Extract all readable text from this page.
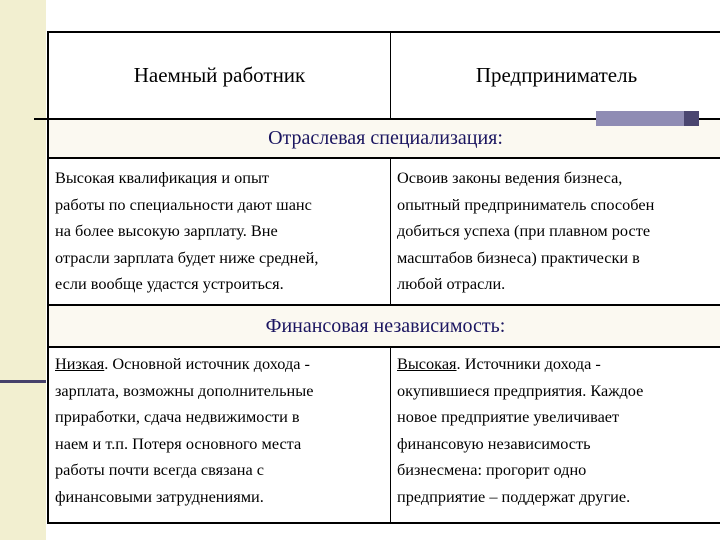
Наемный работник	Предприниматель
Отраслевая специализация:
Высокая квалификация и опыт
работы по специальности дают шанс
на более высокую зарплату. Вне
отрасли зарплата будет ниже средней,
если вообще удастся устроиться.
Освоив законы ведения бизнеса,
опытный предприниматель способен
добиться успеха (при плавном росте
масштабов бизнеса) практически в
любой отрасли.
Финансовая независимость:
Низкая. Основной источник дохода -
зарплата, возможны дополнительные
приработки, сдача недвижимости в
наем и т.п. Потеря основного места
работы почти всегда связана с
финансовыми затруднениями.
Высокая. Источники дохода -
окупившиеся предприятия. Каждое
новое предприятие увеличивает
финансовую независимость
бизнесмена: прогорит одно
предприятие – поддержат другие.
